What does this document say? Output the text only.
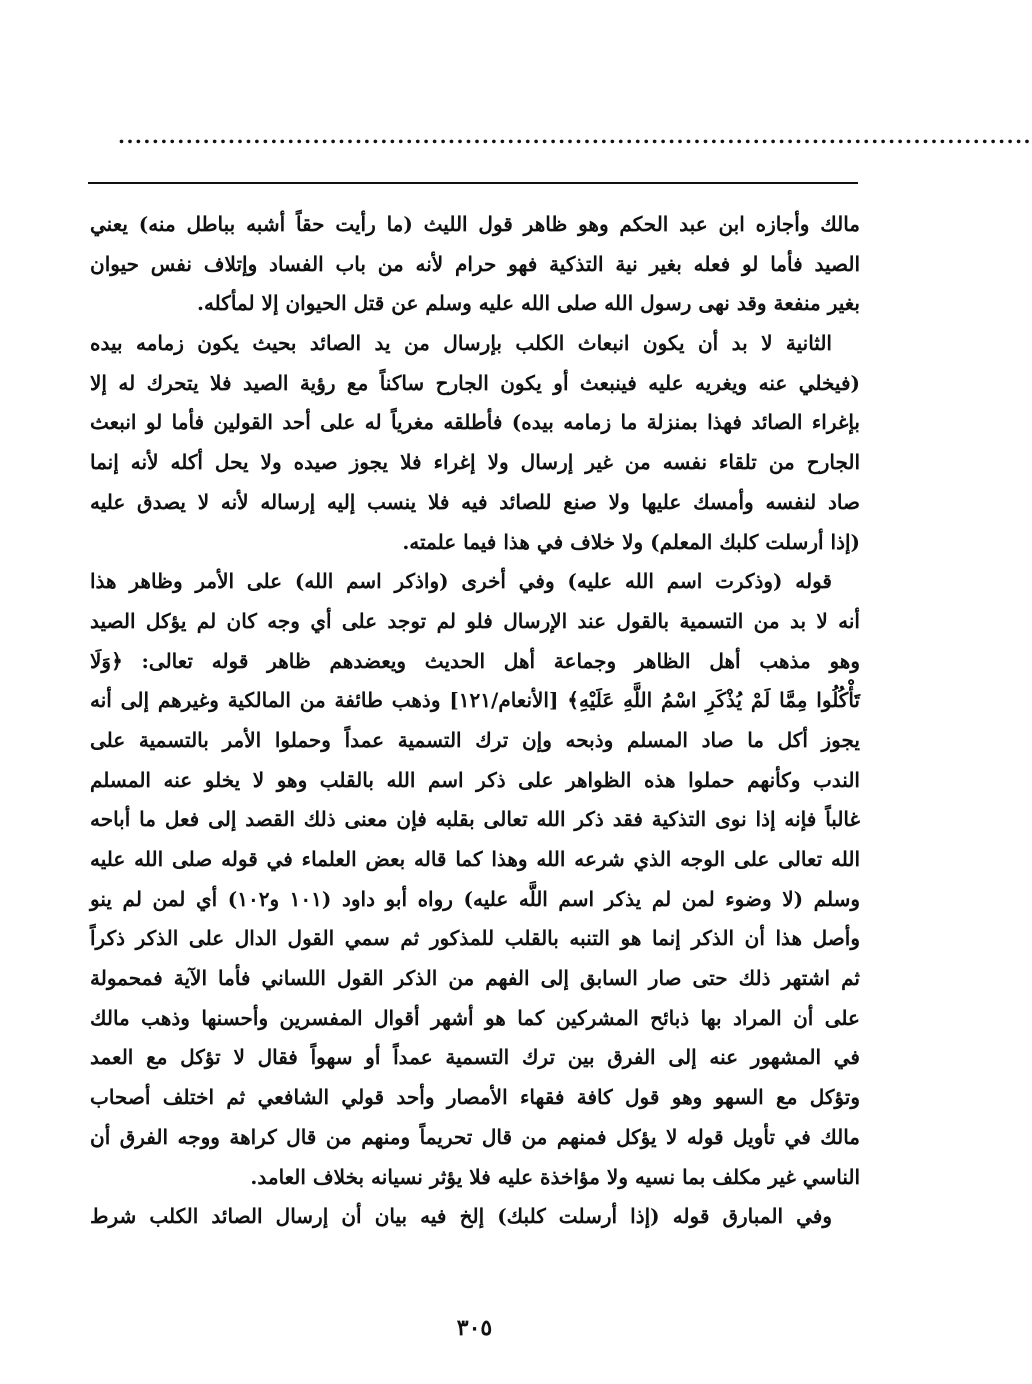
............................................................................................................
مالك وأجازه ابن عبد الحكم وهو ظاهر قول الليث (ما رأيت حقاً أشبه بباطل منه) يعني
الصيد فأما لو فعله بغير نية التذكية فهو حرام لأنه من باب الفساد وإتلاف نفس حيوان
بغير منفعة وقد نهى رسول الله صلى الله عليه وسلم عن قتل الحيوان إلا لمأكله.
الثانية لا بد أن يكون انبعاث الكلب بإرسال من يد الصائد بحيث يكون زمامه بيده
(فيخلي عنه ويغريه عليه فينبعث أو يكون الجارح ساكناً مع رؤية الصيد فلا يتحرك له إلا
بإغراء الصائد فهذا بمنزلة ما زمامه بيده) فأطلقه مغرياً له على أحد القولين فأما لو انبعث
الجارح من تلقاء نفسه من غير إرسال ولا إغراء فلا يجوز صيده ولا يحل أكله لأنه إنما
صاد لنفسه وأمسك عليها ولا صنع للصائد فيه فلا ينسب إليه إرساله لأنه لا يصدق عليه
(إذا أرسلت كلبك المعلم) ولا خلاف في هذا فيما علمته.
قوله (وذكرت اسم الله عليه) وفي أخرى (واذكر اسم الله) على الأمر وظاهر هذا
أنه لا بد من التسمية بالقول عند الإرسال فلو لم توجد على أي وجه كان لم يؤكل الصيد
وهو مذهب أهل الظاهر وجماعة أهل الحديث ويعضدهم ظاهر قوله تعالى: ﴿وَلَا
تَأْكُلُوا مِمَّا لَمْ يُذْكَرِ اسْمُ اللَّهِ عَلَيْهِ﴾ [الأنعام/١٢١] وذهب طائفة من المالكية وغيرهم إلى أنه
يجوز أكل ما صاد المسلم وذبحه وإن ترك التسمية عمداً وحملوا الأمر بالتسمية على
الندب وكأنهم حملوا هذه الظواهر على ذكر اسم الله بالقلب وهو لا يخلو عنه المسلم
غالباً فإنه إذا نوى التذكية فقد ذكر الله تعالى بقلبه فإن معنى ذلك القصد إلى فعل ما أباحه
الله تعالى على الوجه الذي شرعه الله وهذا كما قاله بعض العلماء في قوله صلى الله عليه
وسلم (لا وضوء لمن لم يذكر اسم اللَّه عليه) رواه أبو داود (١٠١ و١٠٢) أي لمن لم ينو
وأصل هذا أن الذكر إنما هو التنبه بالقلب للمذكور ثم سمي القول الدال على الذكر ذكراً
ثم اشتهر ذلك حتى صار السابق إلى الفهم من الذكر القول اللساني فأما الآية فمحمولة
على أن المراد بها ذبائح المشركين كما هو أشهر أقوال المفسرين وأحسنها وذهب مالك
في المشهور عنه إلى الفرق بين ترك التسمية عمداً أو سهواً فقال لا تؤكل مع العمد
وتؤكل مع السهو وهو قول كافة فقهاء الأمصار وأحد قولي الشافعي ثم اختلف أصحاب
مالك في تأويل قوله لا يؤكل فمنهم من قال تحريماً ومنهم من قال كراهة ووجه الفرق أن
الناسي غير مكلف بما نسيه ولا مؤاخذة عليه فلا يؤثر نسيانه بخلاف العامد.
وفي المبارق قوله (إذا أرسلت كلبك) إلخ فيه بيان أن إرسال الصائد الكلب شرط
٣٠٥
